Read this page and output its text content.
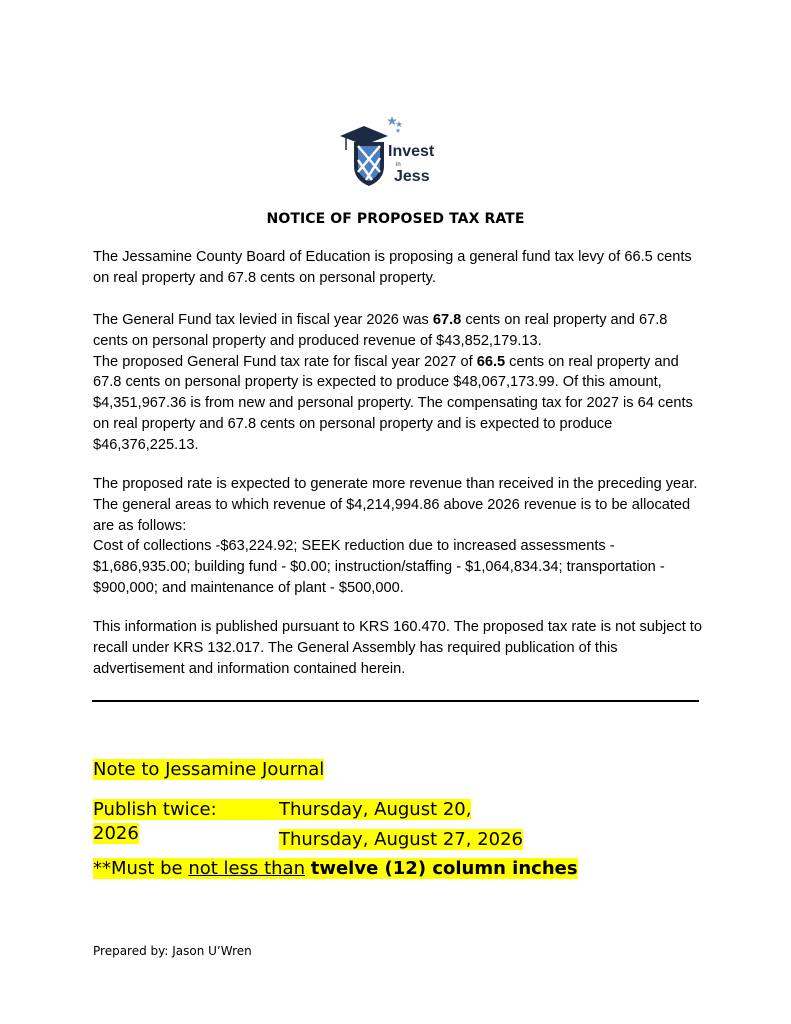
Invest
in
Jess
NOTICE OF PROPOSED TAX RATE

The Jessamine County Board of Education is proposing a general fund tax levy of 66.5 cents on real property and 67.8 cents on personal property.

The General Fund tax levied in fiscal year 2026 was 67.8 cents on real property and 67.8 cents on personal property and produced revenue of $43,852,179.13.

The proposed General Fund tax rate for fiscal year 2027 of 66.5 cents on real property and 67.8 cents on personal property is expected to produce $48,067,173.99. Of this amount, $4,351,967.36 is from new and personal property. The compensating tax for 2027 is 64 cents on real property and 67.8 cents on personal property and is expected to produce $46,376,225.13.

The proposed rate is expected to generate more revenue than received in the preceding year. The general areas to which revenue of $4,214,994.86 above 2026 revenue is to be allocated are as follows:

Cost of collections -$63,224.92; SEEK reduction due to increased assessments - $1,686,935.00; building fund - $0.00; instruction/staffing - $1,064,834.34; transportation - $900,000; and maintenance of plant - $500,000.

This information is published pursuant to KRS 160.470. The proposed tax rate is not subject to recall under KRS 132.017. The General Assembly has required publication of this advertisement and information contained herein.

Note to Jessamine Journal
Publish twice:	Thursday, August 20, 2026	Thursday, August 27, 2026
**Must be not less than twelve (12) column inches
Prepared by: Jason U’Wren
